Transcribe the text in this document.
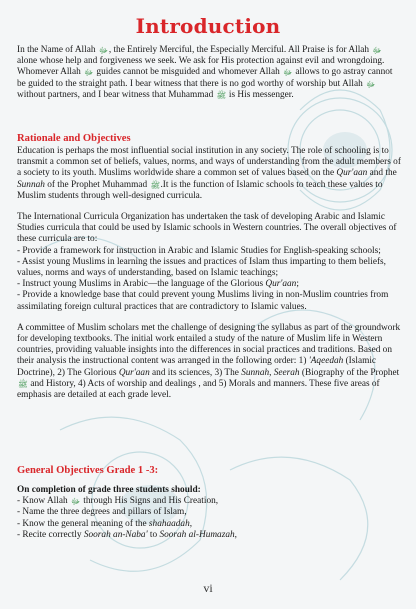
Introduction

In the Name of Allah ﷻ, the Entirely Merciful, the Especially Merciful. All Praise is for Allah ﷻ alone whose help and forgiveness we seek. We ask for His protection against evil and wrongdoing. Whomever Allah ﷻ guides cannot be misguided and whomever Allah ﷻ allows to go astray cannot be guided to the straight path. I bear witness that there is no god worthy of worship but Allah ﷻ without partners, and I bear witness that Muhammad ﷺ is His messenger.

Rationale and Objectives

Education is perhaps the most influential social institution in any society. The role of schooling is to transmit a common set of beliefs, values, norms, and ways of understanding from the adult members of a society to its youth. Muslims worldwide share a common set of values based on the Qur'aan and the Sunnah of the Prophet Muhammad ﷺ.It is the function of Islamic schools to teach these values to Muslim students through well-designed curricula.

The International Curricula Organization has undertaken the task of developing Arabic and Islamic Studies curricula that could be used by Islamic schools in Western countries. The overall objectives of these curricula are to:

- Provide a framework for instruction in Arabic and Islamic Studies for English-speaking schools;
- Assist young Muslims in learning the issues and practices of Islam thus imparting to them beliefs, values, norms and ways of understanding, based on Islamic teachings;
- Instruct young Muslims in Arabic—the language of the Glorious Qur'aan;
- Provide a knowledge base that could prevent young Muslims living in non-Muslim countries from assimilating foreign cultural practices that are contradictory to Islamic values.

A committee of Muslim scholars met the challenge of designing the syllabus as part of the groundwork for developing textbooks. The initial work entailed a study of the nature of Muslim life in Western countries, providing valuable insights into the differences in social practices and traditions. Based on their analysis the instructional content was arranged in the following order: 1) 'Aqeedah (Islamic Doctrine), 2) The Glorious Qur'aan and its sciences, 3) The Sunnah, Seerah (Biography of the Prophet ﷺ and History, 4) Acts of worship and dealings , and 5) Morals and manners. These five areas of emphasis are detailed at each grade level.

General Objectives Grade 1 -3:

On completion of grade three students should:

- Know Allah ﷻ through His Signs and His Creation,
- Name the three degrees and pillars of Islam,
- Know the general meaning of the shahaadah,
- Recite correctly Soorah an-Naba' to Soorah al-Humazah,
vi
